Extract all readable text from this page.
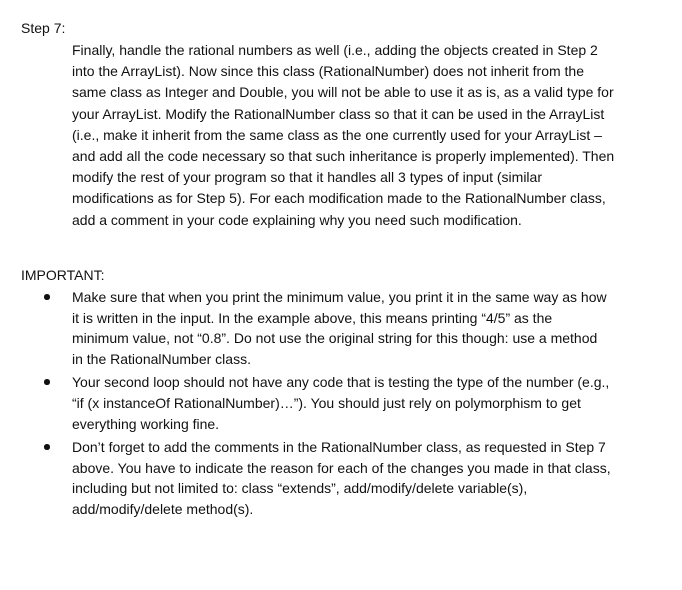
Step 7:

Finally, handle the rational numbers as well (i.e., adding the objects created in Step 2
into the ArrayList). Now since this class (RationalNumber) does not inherit from the
same class as Integer and Double, you will not be able to use it as is, as a valid type for
your ArrayList. Modify the RationalNumber class so that it can be used in the ArrayList
(i.e., make it inherit from the same class as the one currently used for your ArrayList –
and add all the code necessary so that such inheritance is properly implemented). Then
modify the rest of your program so that it handles all 3 types of input (similar
modifications as for Step 5). For each modification made to the RationalNumber class,
add a comment in your code explaining why you need such modification.

IMPORTANT:

Make sure that when you print the minimum value, you print it in the same way as how
it is written in the input. In the example above, this means printing “4/5” as the
minimum value, not “0.8”. Do not use the original string for this though: use a method
in the RationalNumber class.
Your second loop should not have any code that is testing the type of the number (e.g.,
“if (x instanceOf RationalNumber)…”). You should just rely on polymorphism to get
everything working fine.
Don’t forget to add the comments in the RationalNumber class, as requested in Step 7
above. You have to indicate the reason for each of the changes you made in that class,
including but not limited to: class “extends”, add/modify/delete variable(s),
add/modify/delete method(s).
